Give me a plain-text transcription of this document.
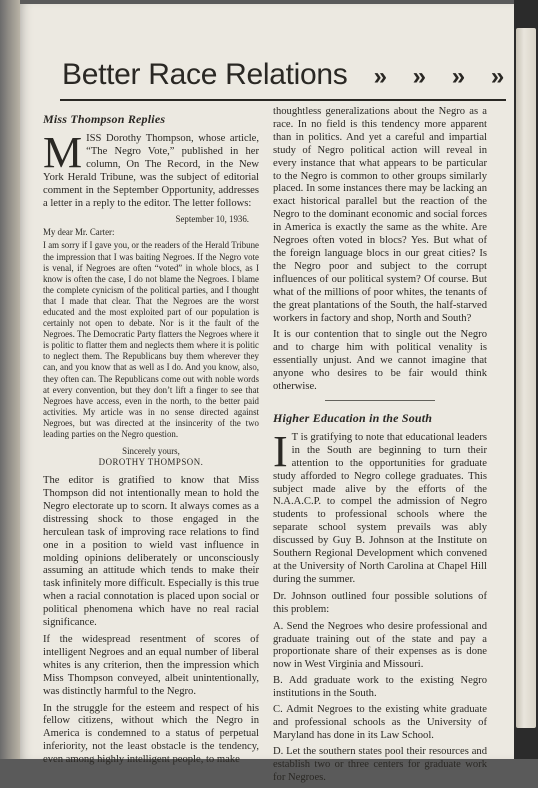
Better Race Relations » » » »
Miss Thompson Replies

MISS Dorothy Thompson, whose article, “The Negro Vote,” published in her column, On The Record, in the New York Herald Tribune, was the subject of editorial comment in the September Opportunity, addresses a letter in a reply to the editor. The letter follows:

September 10, 1936.

My dear Mr. Carter:

I am sorry if I gave you, or the readers of the Herald Tribune the impression that I was baiting Negroes. If the Negro vote is venal, if Negroes are often “voted” in whole blocs, as I know is often the case, I do not blame the Negroes. I blame the complete cynicism of the political parties, and I thought that I made that clear. That the Negroes are the worst educated and the most exploited part of our population is certainly not open to debate. Nor is it the fault of the Negroes. The Democratic Party flatters the Negroes where it is politic to flatter them and neglects them where it is politic to neglect them. The Republicans buy them wherever they can, and you know that as well as I do. And you know, also, they often can. The Republicans come out with noble words at every convention, but they don’t lift a finger to see that Negroes have access, even in the north, to the better paid activities. My article was in no sense directed against Negroes, but was directed at the insincerity of the two leading parties on the Negro question.

Sincerely yours,

DOROTHY THOMPSON.

The editor is gratified to know that Miss Thompson did not intentionally mean to hold the Negro electorate up to scorn. It always comes as a distressing shock to those engaged in the herculean task of improving race relations to find one in a position to wield vast influence in molding opinions deliberately or unconsciously assuming an attitude which tends to make their task infinitely more difficult. Especially is this true when a racial connotation is placed upon social or political phenomena which have no real racial significance.

If the widespread resentment of scores of intelligent Negroes and an equal number of liberal whites is any criterion, then the impression which Miss Thompson conveyed, albeit unintentionally, was distinctly harmful to the Negro.

In the struggle for the esteem and respect of his fellow citizens, without which the Negro in America is condemned to a status of perpetual inferiority, not the least obstacle is the tendency, even among highly intelligent people, to make

thoughtless generalizations about the Negro as a race. In no field is this tendency more apparent than in politics. And yet a careful and impartial study of Negro political action will reveal in every instance that what appears to be particular to the Negro is common to other groups similarly placed. In some instances there may be lacking an exact historical parallel but the reaction of the Negro to the dominant economic and social forces in America is exactly the same as the white. Are Negroes often voted in blocs? Yes. But what of the foreign language blocs in our great cities? Is the Negro poor and subject to the corrupt influences of our political system? Of course. But what of the millions of poor whites, the tenants of the great plantations of the South, the half-starved workers in factory and shop, North and South?

It is our contention that to single out the Negro and to charge him with political venality is essentially unjust. And we cannot imagine that anyone who desires to be fair would think otherwise.

Higher Education in the South

I T is gratifying to note that educational leaders in the South are beginning to turn their attention to the opportunities for graduate study afforded to Negro college graduates. This subject made alive by the efforts of the N.A.A.C.P. to compel the admission of Negro students to professional schools where the separate school system prevails was ably discussed by Guy B. Johnson at the Institute on Southern Regional Development which convened at the University of North Carolina at Chapel Hill during the summer.

Dr. Johnson outlined four possible solutions of this problem:

A. Send the Negroes who desire professional and graduate training out of the state and pay a proportionate share of their expenses as is done now in West Virginia and Missouri.

B. Add graduate work to the existing Negro institutions in the South.

C. Admit Negroes to the existing white graduate and professional schools as the University of Maryland has done in its Law School.

D. Let the southern states pool their resources and establish two or three centers for graduate work for Negroes.
